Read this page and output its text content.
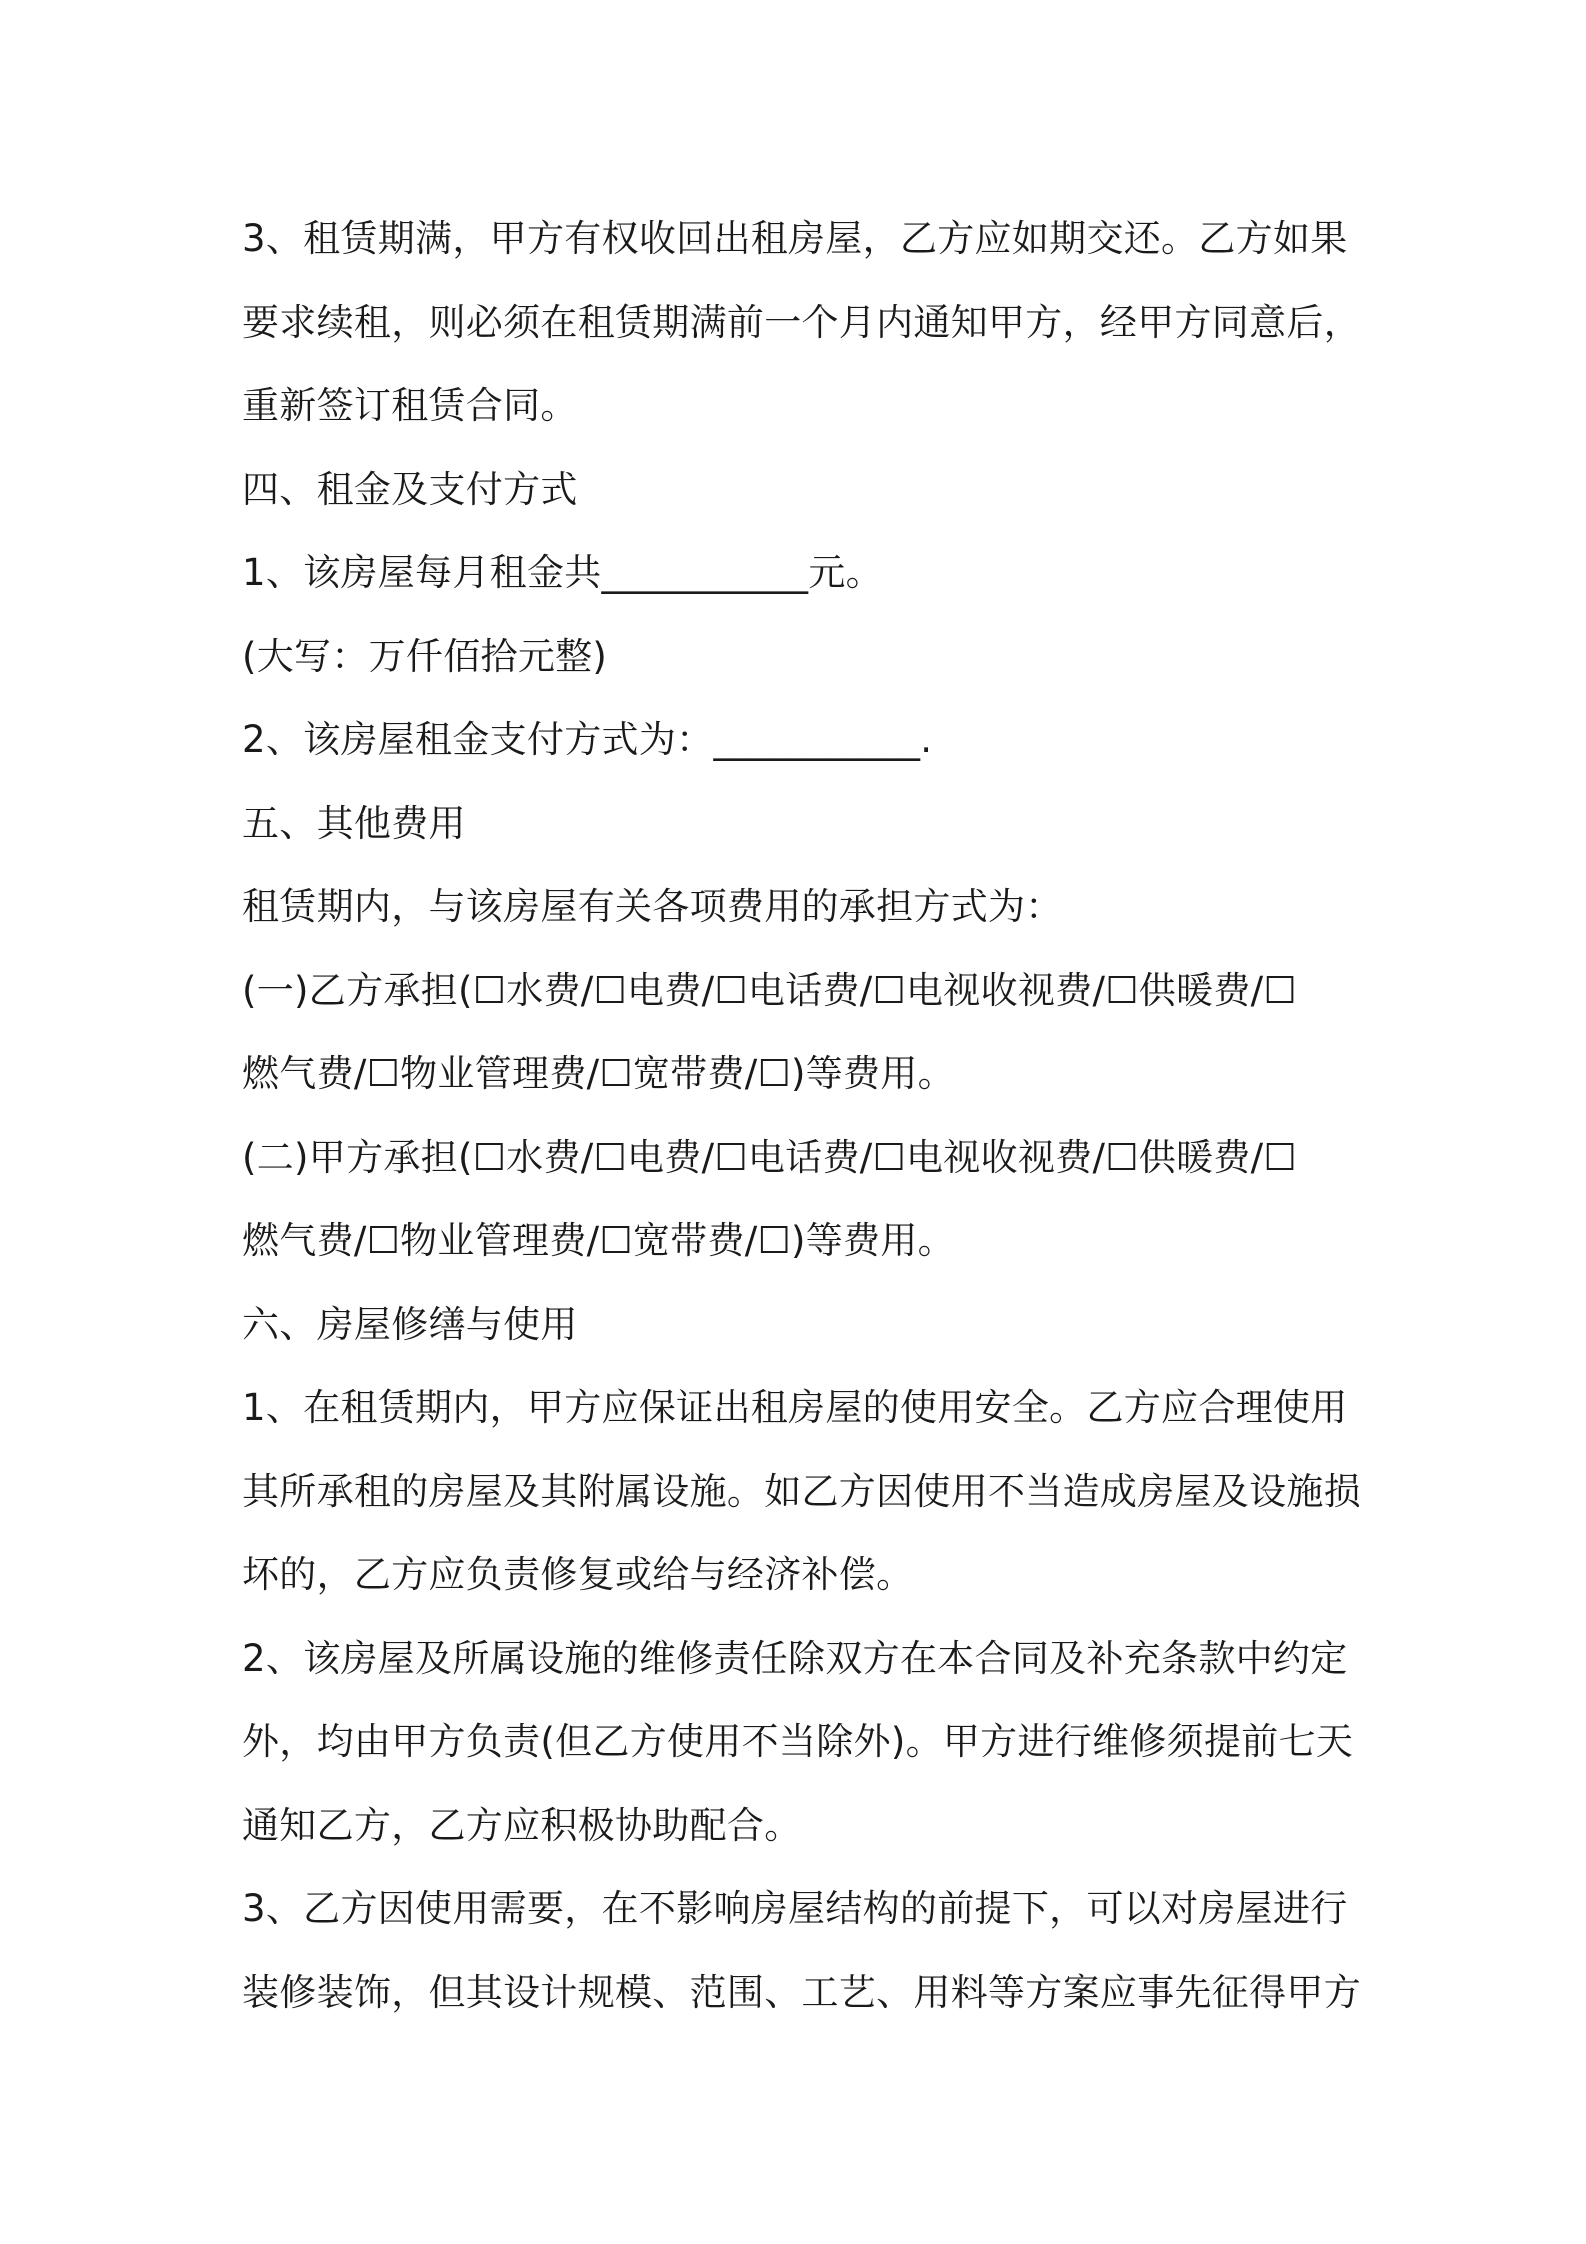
3、租赁期满，甲方有权收回出租房屋，乙方应如期交还。乙方如果
要求续租，则必须在租赁期满前一个月内通知甲方，经甲方同意后，
重新签订租赁合同。
四、租金及支付方式
1、该房屋每月租金共___________元。
(大写：万仟佰拾元整)
2、该房屋租金支付方式为：___________.
五、其他费用
租赁期内，与该房屋有关各项费用的承担方式为：
(一)乙方承担(☐水费/☐电费/☐电话费/☐电视收视费/☐供暖费/☐
燃气费/☐物业管理费/☐宽带费/☐)等费用。
(二)甲方承担(☐水费/☐电费/☐电话费/☐电视收视费/☐供暖费/☐
燃气费/☐物业管理费/☐宽带费/☐)等费用。
六、房屋修缮与使用
1、在租赁期内，甲方应保证出租房屋的使用安全。乙方应合理使用
其所承租的房屋及其附属设施。如乙方因使用不当造成房屋及设施损
坏的，乙方应负责修复或给与经济补偿。
2、该房屋及所属设施的维修责任除双方在本合同及补充条款中约定
外，均由甲方负责(但乙方使用不当除外)。甲方进行维修须提前七天
通知乙方，乙方应积极协助配合。
3、乙方因使用需要，在不影响房屋结构的前提下，可以对房屋进行
装修装饰，但其设计规模、范围、工艺、用料等方案应事先征得甲方
